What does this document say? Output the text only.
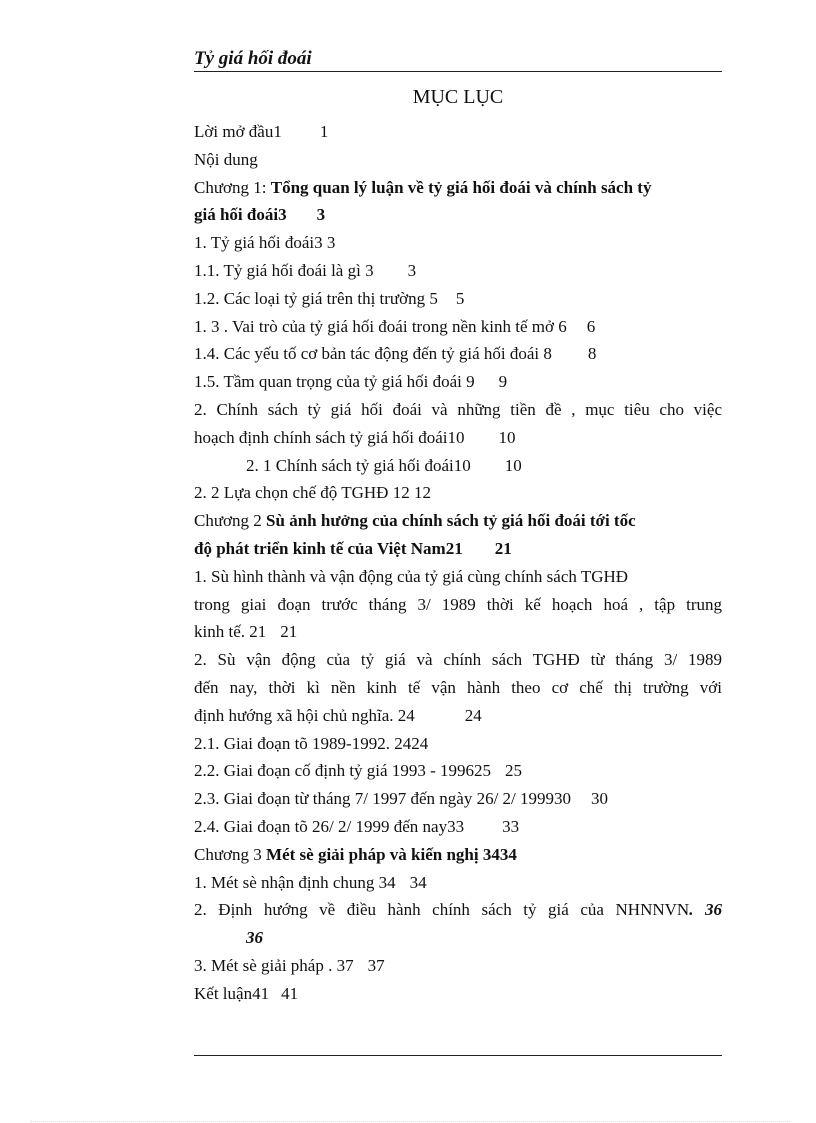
Tỷ giá hối đoái
MỤC LỤC

Lời mở đầu1 1

Nội dung

Chương 1: Tổng quan lý luận về tỷ giá hối đoái và chính sách tỷ

giá hối đoái3 3

1. Tỷ giá hối đoái3 3

1.1. Tỷ giá hối đoái là gì 3 3

1.2. Các loại tỷ giá trên thị trường 5 5

1. 3 . Vai trò của tỷ giá hối đoái trong nền kinh tế mở 6 6

1.4. Các yếu tố cơ bản tác động đến tỷ giá hối đoái 8 8

1.5. Tầm quan trọng của tỷ giá hối đoái 9 9

2. Chính sách tỷ giá hối đoái và những tiền đề , mục tiêu cho việc

hoạch định chính sách tỷ giá hối đoái10 10

2. 1 Chính sách tỷ giá hối đoái10 10

2. 2 Lựa chọn chế độ TGHĐ 12 12

Chương 2 Sù ảnh hưởng của chính sách tỷ giá hối đoái tới tốc

độ phát triển kinh tế của Việt Nam21 21

1. Sù hình thành và vận động của tỷ giá cùng chính sách TGHĐ

trong giai đoạn trước tháng 3/ 1989 thời kế hoạch hoá , tập trung

kinh tế. 21 21

2. Sù vận động của tỷ giá và chính sách TGHĐ từ tháng 3/ 1989

đến nay, thời kì nền kinh tế vận hành theo cơ chế thị trường với

định hướng xã hội chủ nghĩa. 24	24

2.1. Giai đoạn tõ 1989-1992. 2424

2.2. Giai đoạn cố định tỷ giá 1993 - 199625 25

2.3. Giai đoạn từ tháng 7/ 1997 đến ngày 26/ 2/ 199930 30

2.4. Giai đoạn tõ 26/ 2/ 1999 đến nay33 33

Chương 3 Mét sè giải pháp và kiến nghị 3434

1. Mét sè nhận định chung 34 34

2. Định hướng về điều hành chính sách tỷ giá của NHNNVN. 36

36

3. Mét sè giải pháp . 37 37

Kết luận41 41
